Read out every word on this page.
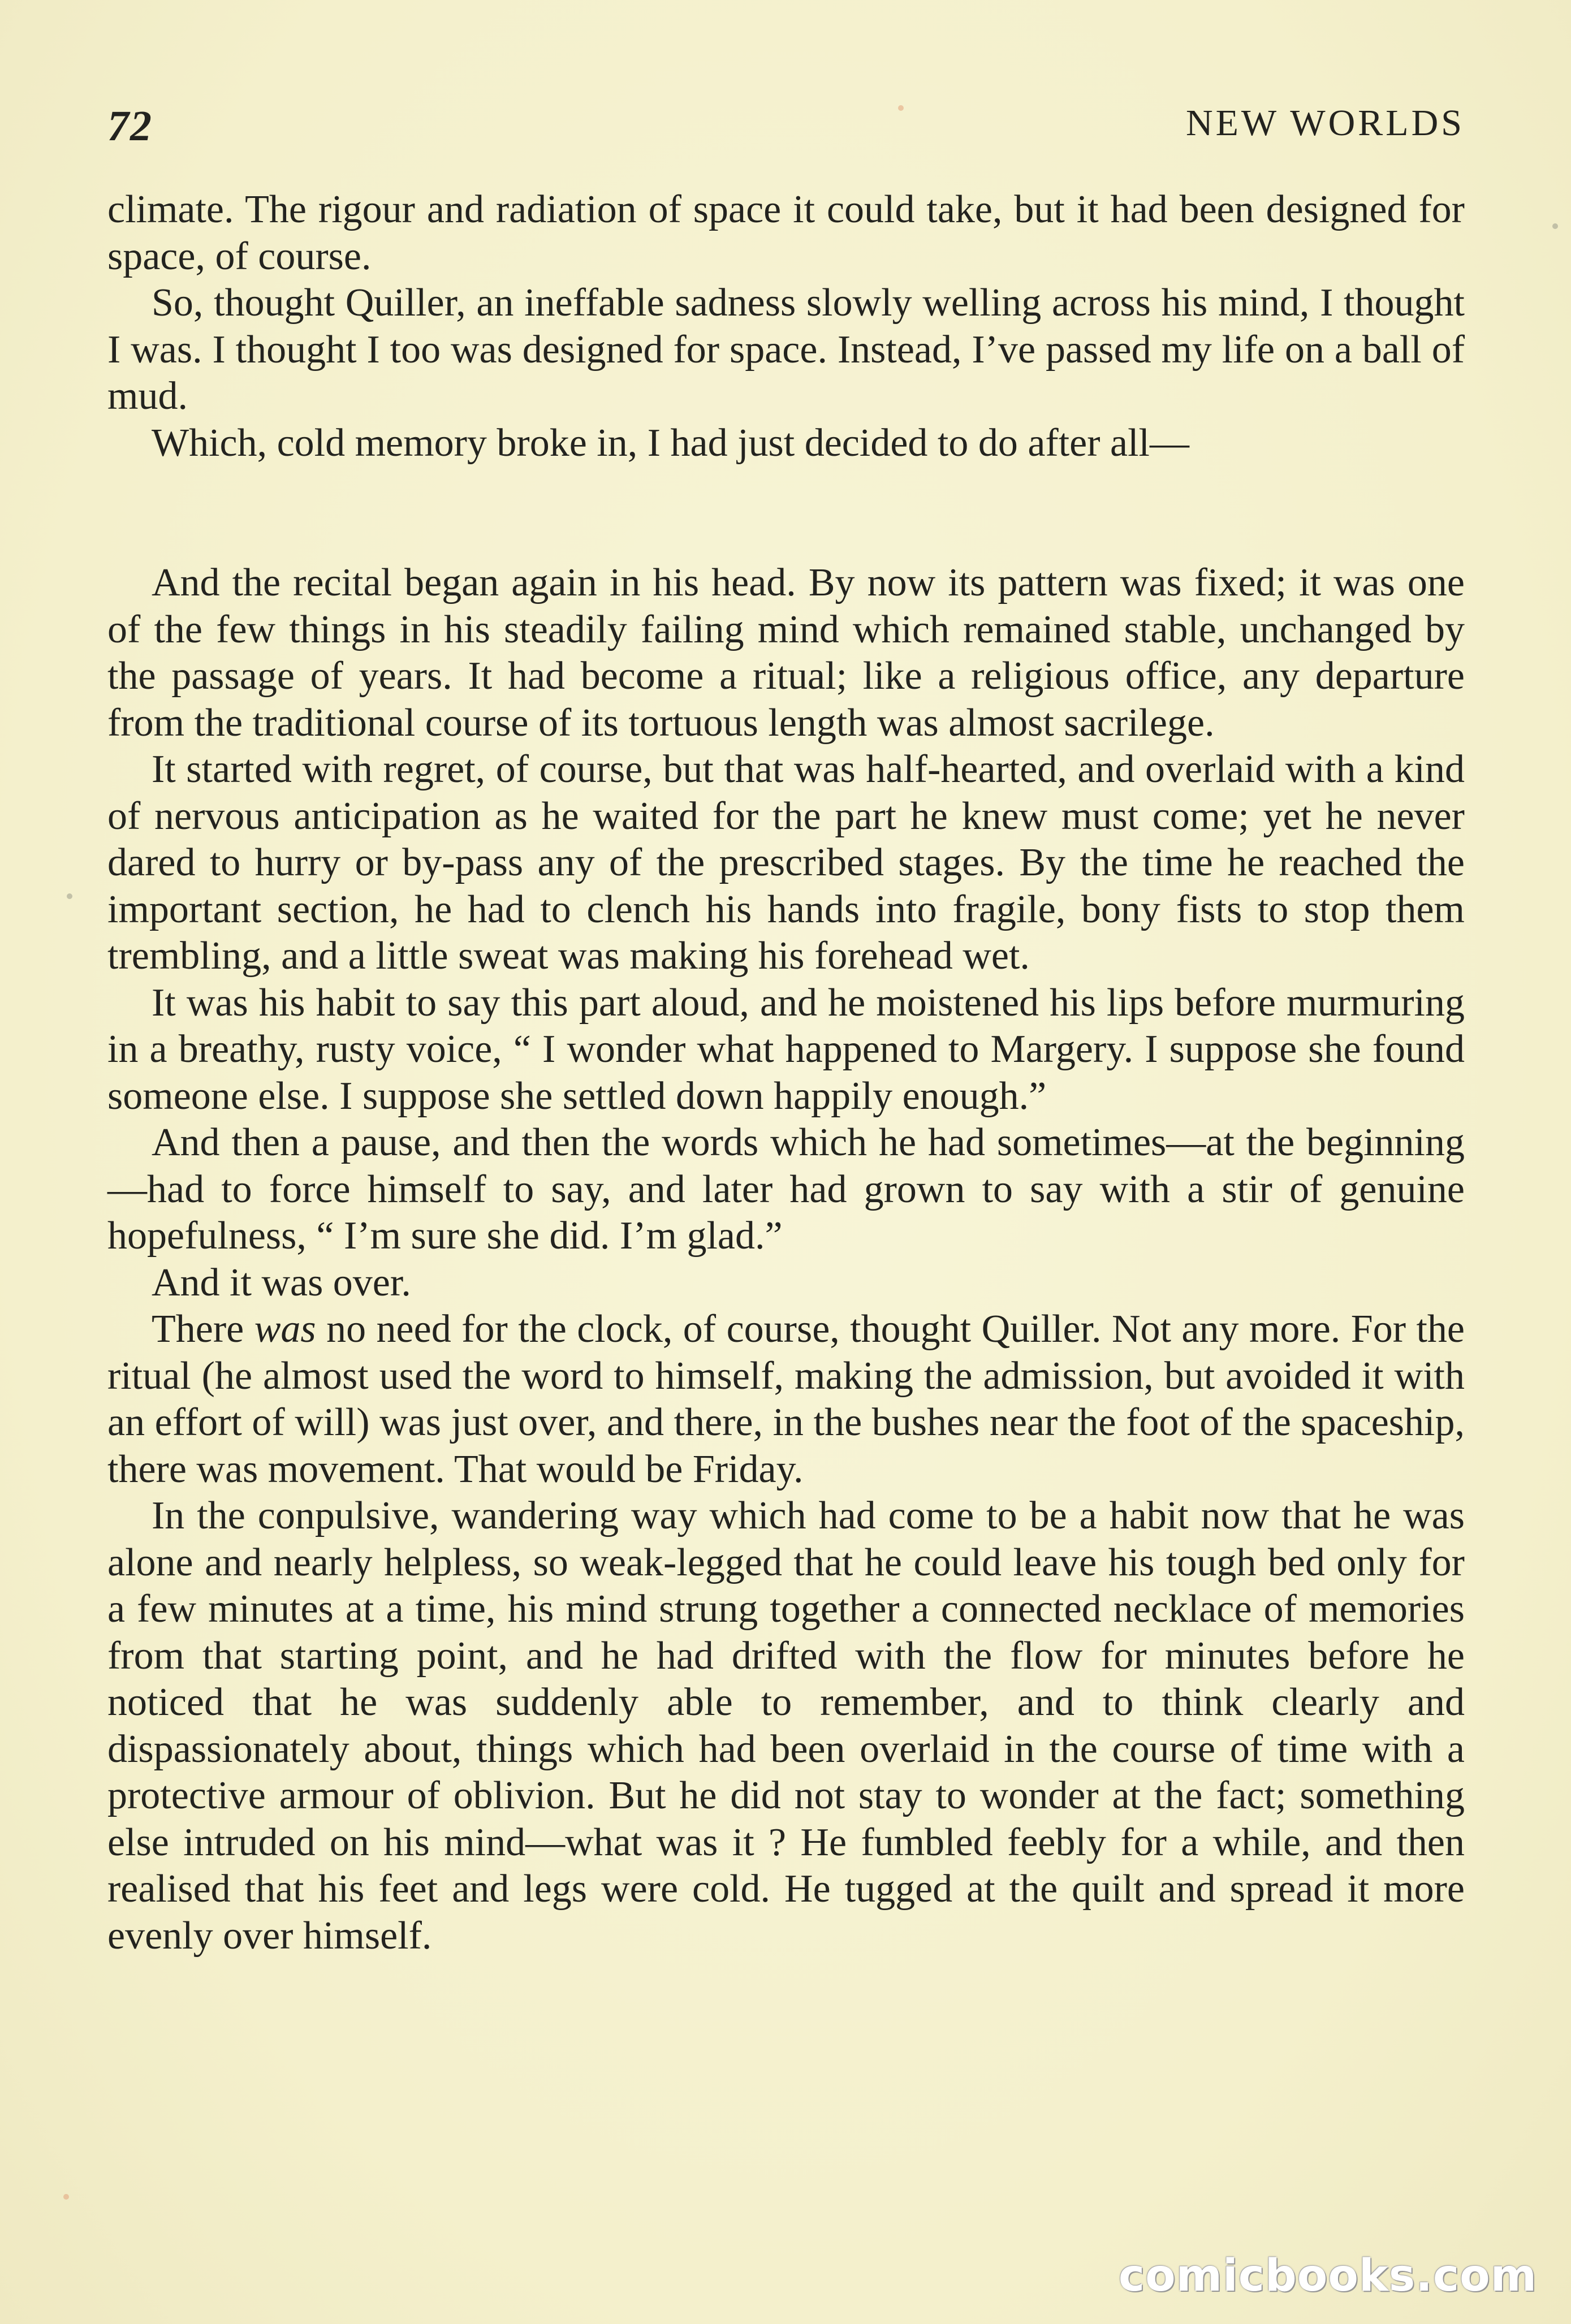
72	NEW WORLDS

climate. The rigour and radiation of space it could take, but it had been designed for space, of course.

So, thought Quiller, an ineffable sadness slowly welling across his mind, I thought I was. I thought I too was designed for space. Instead, I’ve passed my life on a ball of mud.

Which, cold memory broke in, I had just decided to do after all—

And the recital began again in his head. By now its pattern was fixed; it was one of the few things in his steadily failing mind which remained stable, unchanged by the passage of years. It had become a ritual; like a religious office, any departure from the traditional course of its tortuous length was almost sacrilege.

It started with regret, of course, but that was half-hearted, and overlaid with a kind of nervous anticipation as he waited for the part he knew must come; yet he never dared to hurry or by-pass any of the prescribed stages. By the time he reached the important section, he had to clench his hands into fragile, bony fists to stop them trembling, and a little sweat was making his forehead wet.

It was his habit to say this part aloud, and he moistened his lips before murmuring in a breathy, rusty voice, “ I wonder what happened to Margery. I suppose she found someone else. I suppose she settled down happily enough.”

And then a pause, and then the words which he had sometimes—at the beginning—had to force himself to say, and later had grown to say with a stir of genuine hopefulness, “ I’m sure she did. I’m glad.”

And it was over.

There was no need for the clock, of course, thought Quiller. Not any more. For the ritual (he almost used the word to himself, making the admission, but avoided it with an effort of will) was just over, and there, in the bushes near the foot of the spaceship, there was movement. That would be Friday.

In the conpulsive, wandering way which had come to be a habit now that he was alone and nearly helpless, so weak-legged that he could leave his tough bed only for a few minutes at a time, his mind strung together a connected necklace of memories from that starting point, and he had drifted with the flow for minutes before he noticed that he was suddenly able to remember, and to think clearly and dispassionately about, things which had been overlaid in the course of time with a protective armour of oblivion. But he did not stay to wonder at the fact; something else intruded on his mind—what was it ? He fumbled feebly for a while, and then realised that his feet and legs were cold. He tugged at the quilt and spread it more evenly over himself.

comicbooks.com
